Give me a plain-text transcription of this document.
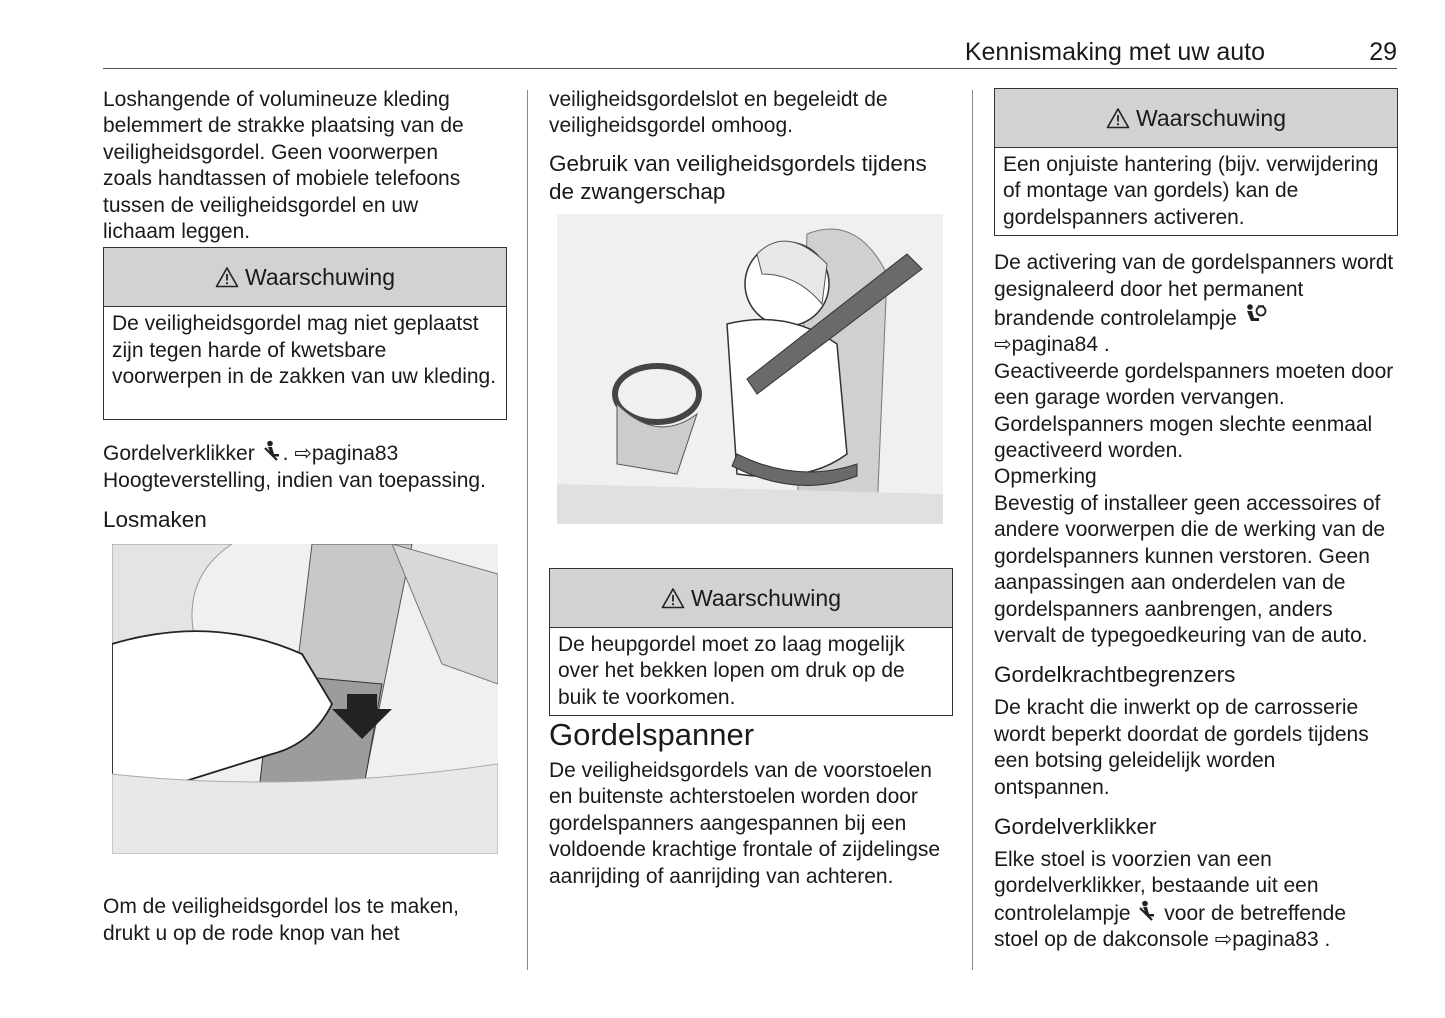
Kennismaking met uw auto	29

Loshangende of volumineuze kleding belemmert de strakke plaatsing van de veiligheidsgordel. Geen voorwerpen zoals handtassen of mobiele telefoons tussen de veiligheidsgordel en uw lichaam leggen.

Waarschuwing
De veiligheidsgordel mag niet geplaatst zijn tegen harde of kwetsbare voorwerpen in de zakken van uw kleding.

Gordelverklikker . ⇨pagina83
Hoogteverstelling, indien van toepassing.

Losmaken

Om de veiligheidsgordel los te maken, drukt u op de rode knop van het

veiligheidsgordelslot en begeleidt de veiligheidsgordel omhoog.

Gebruik van veiligheidsgordels tijdens de zwangerschap

Waarschuwing
De heupgordel moet zo laag mogelijk over het bekken lopen om druk op de buik te voorkomen.

Gordelspanner

De veiligheidsgordels van de voorstoelen en buitenste achterstoelen worden door gordelspanners aangespannen bij een voldoende krachtige frontale of zijdelingse aanrijding of aanrijding van achteren.

Waarschuwing
Een onjuiste hantering (bijv. verwijdering of montage van gordels) kan de gordelspanners activeren.

De activering van de gordelspanners wordt gesignaleerd door het permanent brandende controlelampje
⇨pagina84 .
Geactiveerde gordelspanners moeten door een garage worden vervangen. Gordelspanners mogen slechte eenmaal geactiveerd worden.

Opmerking

Bevestig of installeer geen accessoires of andere voorwerpen die de werking van de gordelspanners kunnen verstoren. Geen aanpassingen aan onderdelen van de gordelspanners aanbrengen, anders vervalt de typegoedkeuring van de auto.

Gordelkrachtbegrenzers

De kracht die inwerkt op de carrosserie wordt beperkt doordat de gordels tijdens een botsing geleidelijk worden ontspannen.

Gordelverklikker

Elke stoel is voorzien van een gordelverklikker, bestaande uit een controlelampje voor de betreffende stoel op de dakconsole ⇨pagina83 .
